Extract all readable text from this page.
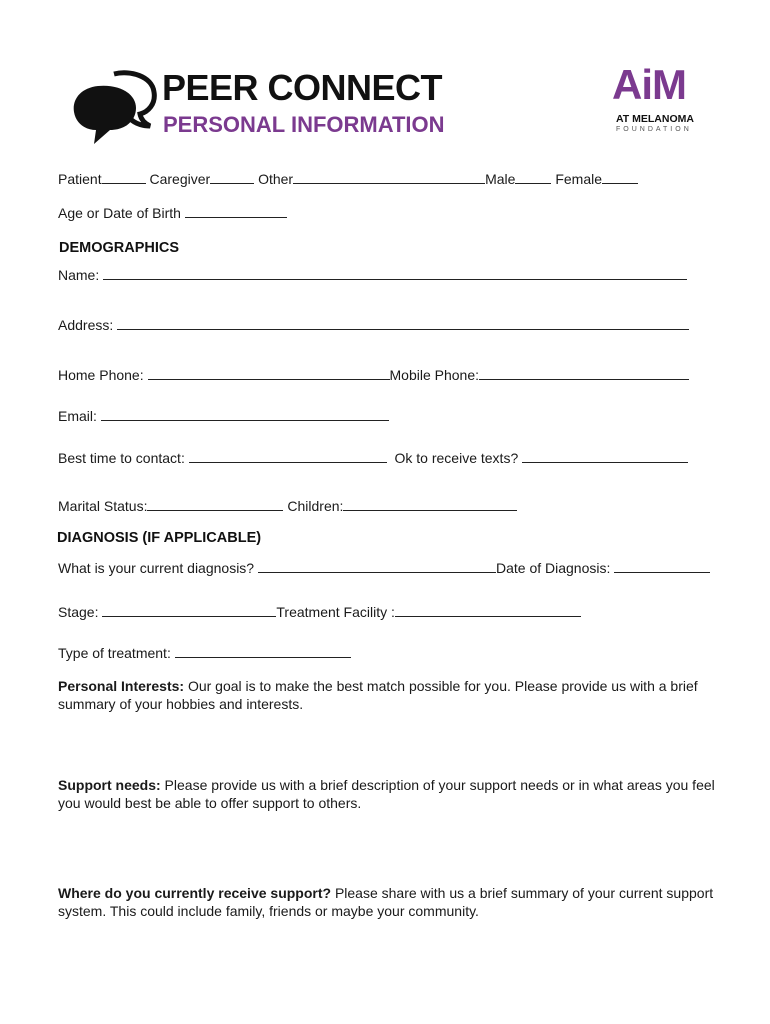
PEER CONNECT
PERSONAL INFORMATION
AiM
AT MELANOMA
FOUNDATION
Patient	Caregiver	Other	Male	Female
Age or Date of Birth
DEMOGRAPHICS
Name:
Address:
Home Phone:	Mobile Phone:
Email:
Best time to contact:	Ok to receive texts?
Marital Status:	Children:
DIAGNOSIS (IF APPLICABLE)
What is your current diagnosis?	Date of Diagnosis:
Stage:	Treatment Facility :
Type of treatment:
Personal Interests: Our goal is to make the best match possible for you. Please provide us with a brief summary of your hobbies and interests.
Support needs: Please provide us with a brief description of your support needs or in what areas you feel you would best be able to offer support to others.
Where do you currently receive support? Please share with us a brief summary of your current support system. This could include family, friends or maybe your community.
